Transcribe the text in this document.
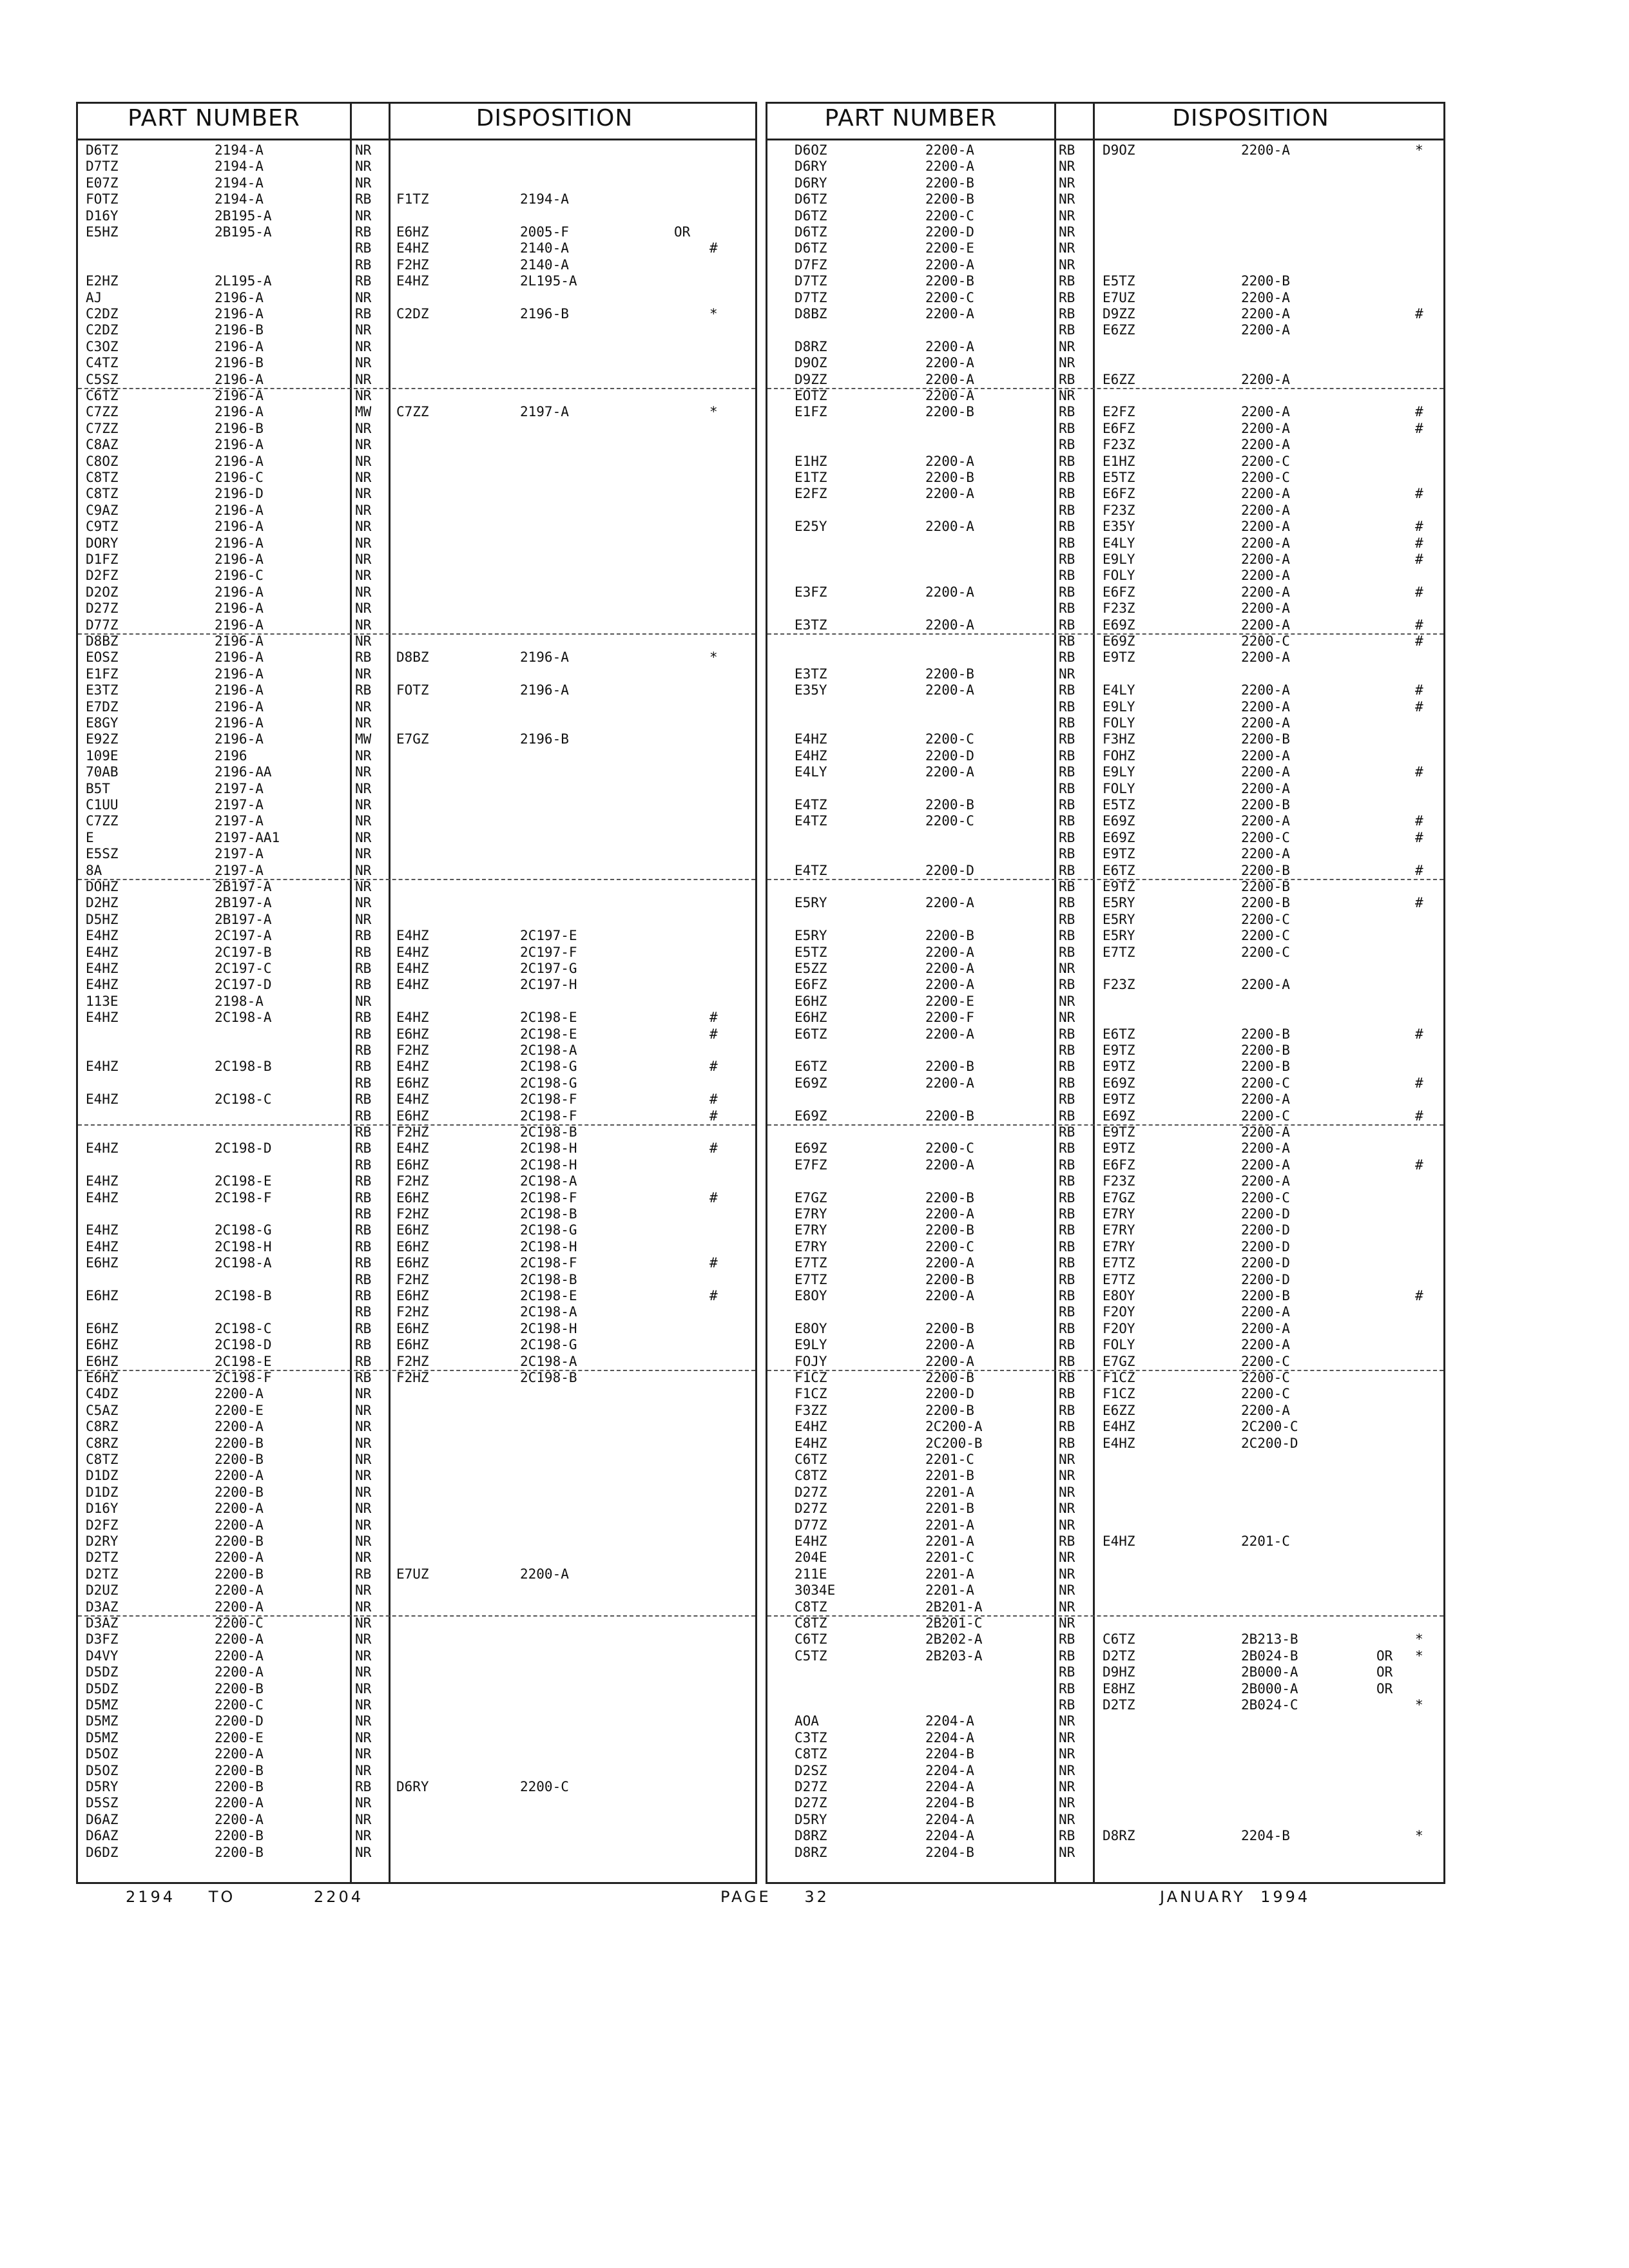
PART NUMBER	DISPOSITION
D6TZ	2194-A	NR
D7TZ	2194-A	NR
E07Z	2194-A	NR
FOTZ	2194-A	RB F1TZ	2194-A
D16Y	2B195-A	NR
E5HZ	2B195-A	RB E6HZ	2005-F	OR
RB E4HZ	2140-A	#
RB F2HZ	2140-A
E2HZ	2L195-A	RB E4HZ	2L195-A
AJ	2196-A	NR
C2DZ	2196-A	RB C2DZ	2196-B	*
C2DZ	2196-B	NR
C3OZ	2196-A	NR
C4TZ	2196-B	NR
C5SZ	2196-A	NR
C6TZ	2196-A	NR
C7ZZ	2196-A	MW C7ZZ	2197-A	*
C7ZZ	2196-B	NR
C8AZ	2196-A	NR
C8OZ	2196-A	NR
C8TZ	2196-C	NR
C8TZ	2196-D	NR
C9AZ	2196-A	NR
C9TZ	2196-A	NR
DORY	2196-A	NR
D1FZ	2196-A	NR
D2FZ	2196-C	NR
D2OZ	2196-A	NR
D27Z	2196-A	NR
D77Z	2196-A	NR
D8BZ	2196-A	NR
EOSZ	2196-A	RB D8BZ	2196-A	*
E1FZ	2196-A	NR
E3TZ	2196-A	RB FOTZ	2196-A
E7DZ	2196-A	NR
E8GY	2196-A	NR
E92Z	2196-A	MW E7GZ	2196-B
109E	2196	NR
70AB	2196-AA	NR
B5T	2197-A	NR
C1UU	2197-A	NR
C7ZZ	2197-A	NR
E	2197-AA1	NR
E5SZ	2197-A	NR
8A	2197-A	NR
DOHZ	2B197-A	NR
D2HZ	2B197-A	NR
D5HZ	2B197-A	NR
E4HZ	2C197-A	RB E4HZ	2C197-E
E4HZ	2C197-B	RB E4HZ	2C197-F
E4HZ	2C197-C	RB E4HZ	2C197-G
E4HZ	2C197-D	RB E4HZ	2C197-H
113E	2198-A	NR
E4HZ	2C198-A	RB E4HZ	2C198-E	#
RB E6HZ	2C198-E	#
RB F2HZ	2C198-A
E4HZ	2C198-B	RB E4HZ	2C198-G	#
RB E6HZ	2C198-G
E4HZ	2C198-C	RB E4HZ	2C198-F	#
RB E6HZ	2C198-F	#
RB F2HZ	2C198-B
E4HZ	2C198-D	RB E4HZ	2C198-H	#
RB E6HZ	2C198-H
E4HZ	2C198-E	RB F2HZ	2C198-A
E4HZ	2C198-F	RB E6HZ	2C198-F	#
RB F2HZ	2C198-B
E4HZ	2C198-G	RB E6HZ	2C198-G
E4HZ	2C198-H	RB E6HZ	2C198-H
E6HZ	2C198-A	RB E6HZ	2C198-F	#
RB F2HZ	2C198-B
E6HZ	2C198-B	RB E6HZ	2C198-E	#
RB F2HZ	2C198-A
E6HZ	2C198-C	RB E6HZ	2C198-H
E6HZ	2C198-D	RB E6HZ	2C198-G
E6HZ	2C198-E	RB F2HZ	2C198-A
E6HZ	2C198-F	RB F2HZ	2C198-B
C4DZ	2200-A	NR
C5AZ	2200-E	NR
C8RZ	2200-A	NR
C8RZ	2200-B	NR
C8TZ	2200-B	NR
D1DZ	2200-A	NR
D1DZ	2200-B	NR
D16Y	2200-A	NR
D2FZ	2200-A	NR
D2RY	2200-B	NR
D2TZ	2200-A	NR
D2TZ	2200-B	RB E7UZ	2200-A
D2UZ	2200-A	NR
D3AZ	2200-A	NR
D3AZ	2200-C	NR
D3FZ	2200-A	NR
D4VY	2200-A	NR
D5DZ	2200-A	NR
D5DZ	2200-B	NR
D5MZ	2200-C	NR
D5MZ	2200-D	NR
D5MZ	2200-E	NR
D5OZ	2200-A	NR
D5OZ	2200-B	NR
D5RY	2200-B	RB D6RY	2200-C
D5SZ	2200-A	NR
D6AZ	2200-A	NR
D6AZ	2200-B	NR
D6DZ	2200-B	NR
PART NUMBER	DISPOSITION
D6OZ	2200-A	RB D9OZ	2200-A	*
D6RY	2200-A	NR
D6RY	2200-B	NR
D6TZ	2200-B	NR
D6TZ	2200-C	NR
D6TZ	2200-D	NR
D6TZ	2200-E	NR
D7FZ	2200-A	NR
D7TZ	2200-B	RB E5TZ	2200-B
D7TZ	2200-C	RB E7UZ	2200-A
D8BZ	2200-A	RB D9ZZ	2200-A	#
RB E6ZZ	2200-A
D8RZ	2200-A	NR
D9OZ	2200-A	NR
D9ZZ	2200-A	RB E6ZZ	2200-A
EOTZ	2200-A	NR
E1FZ	2200-B	RB E2FZ	2200-A	#
RB E6FZ	2200-A	#
RB F23Z	2200-A
E1HZ	2200-A	RB E1HZ	2200-C
E1TZ	2200-B	RB E5TZ	2200-C
E2FZ	2200-A	RB E6FZ	2200-A	#
RB F23Z	2200-A
E25Y	2200-A	RB E35Y	2200-A	#
RB E4LY	2200-A	#
RB E9LY	2200-A	#
RB FOLY	2200-A
E3FZ	2200-A	RB E6FZ	2200-A	#
RB F23Z	2200-A
E3TZ	2200-A	RB E69Z	2200-A	#
RB E69Z	2200-C	#
RB E9TZ	2200-A
E3TZ	2200-B	NR
E35Y	2200-A	RB E4LY	2200-A	#
RB E9LY	2200-A	#
RB FOLY	2200-A
E4HZ	2200-C	RB F3HZ	2200-B
E4HZ	2200-D	RB FOHZ	2200-A
E4LY	2200-A	RB E9LY	2200-A	#
RB FOLY	2200-A
E4TZ	2200-B	RB E5TZ	2200-B
E4TZ	2200-C	RB E69Z	2200-A	#
RB E69Z	2200-C	#
RB E9TZ	2200-A
E4TZ	2200-D	RB E6TZ	2200-B	#
RB E9TZ	2200-B
E5RY	2200-A	RB E5RY	2200-B	#
RB E5RY	2200-C
E5RY	2200-B	RB E5RY	2200-C
E5TZ	2200-A	RB E7TZ	2200-C
E5ZZ	2200-A	NR
E6FZ	2200-A	RB F23Z	2200-A
E6HZ	2200-E	NR
E6HZ	2200-F	NR
E6TZ	2200-A	RB E6TZ	2200-B	#
RB E9TZ	2200-B
E6TZ	2200-B	RB E9TZ	2200-B
E69Z	2200-A	RB E69Z	2200-C	#
RB E9TZ	2200-A
E69Z	2200-B	RB E69Z	2200-C	#
RB E9TZ	2200-A
E69Z	2200-C	RB E9TZ	2200-A
E7FZ	2200-A	RB E6FZ	2200-A	#
RB F23Z	2200-A
E7GZ	2200-B	RB E7GZ	2200-C
E7RY	2200-A	RB E7RY	2200-D
E7RY	2200-B	RB E7RY	2200-D
E7RY	2200-C	RB E7RY	2200-D
E7TZ	2200-A	RB E7TZ	2200-D
E7TZ	2200-B	RB E7TZ	2200-D
E8OY	2200-A	RB E8OY	2200-B	#
RB F2OY	2200-A
E8OY	2200-B	RB F2OY	2200-A
E9LY	2200-A	RB FOLY	2200-A
FOJY	2200-A	RB E7GZ	2200-C
F1CZ	2200-B	RB F1CZ	2200-C
F1CZ	2200-D	RB F1CZ	2200-C
F3ZZ	2200-B	RB E6ZZ	2200-A
E4HZ	2C200-A	RB E4HZ	2C200-C
E4HZ	2C200-B	RB E4HZ	2C200-D
C6TZ	2201-C	NR
C8TZ	2201-B	NR
D27Z	2201-A	NR
D27Z	2201-B	NR
D77Z	2201-A	NR
E4HZ	2201-A	RB E4HZ	2201-C
204E	2201-C	NR
211E	2201-A	NR
3034E	2201-A	NR
C8TZ	2B201-A	NR
C8TZ	2B201-C	NR
C6TZ	2B202-A	RB C6TZ	2B213-B	*
C5TZ	2B203-A	RB D2TZ	2B024-B	OR *
RB D9HZ	2B000-A	OR
RB E8HZ	2B000-A	OR
RB D2TZ	2B024-C	*
AOA	2204-A	NR
C3TZ	2204-A	NR
C8TZ	2204-B	NR
D2SZ	2204-A	NR
D27Z	2204-A	NR
D27Z	2204-B	NR
D5RY	2204-A	NR
D8RZ	2204-A	RB D8RZ	2204-B	*
D8RZ	2204-B	NR
2194 TO	2204	PAGE 32	JANUARY  1994
